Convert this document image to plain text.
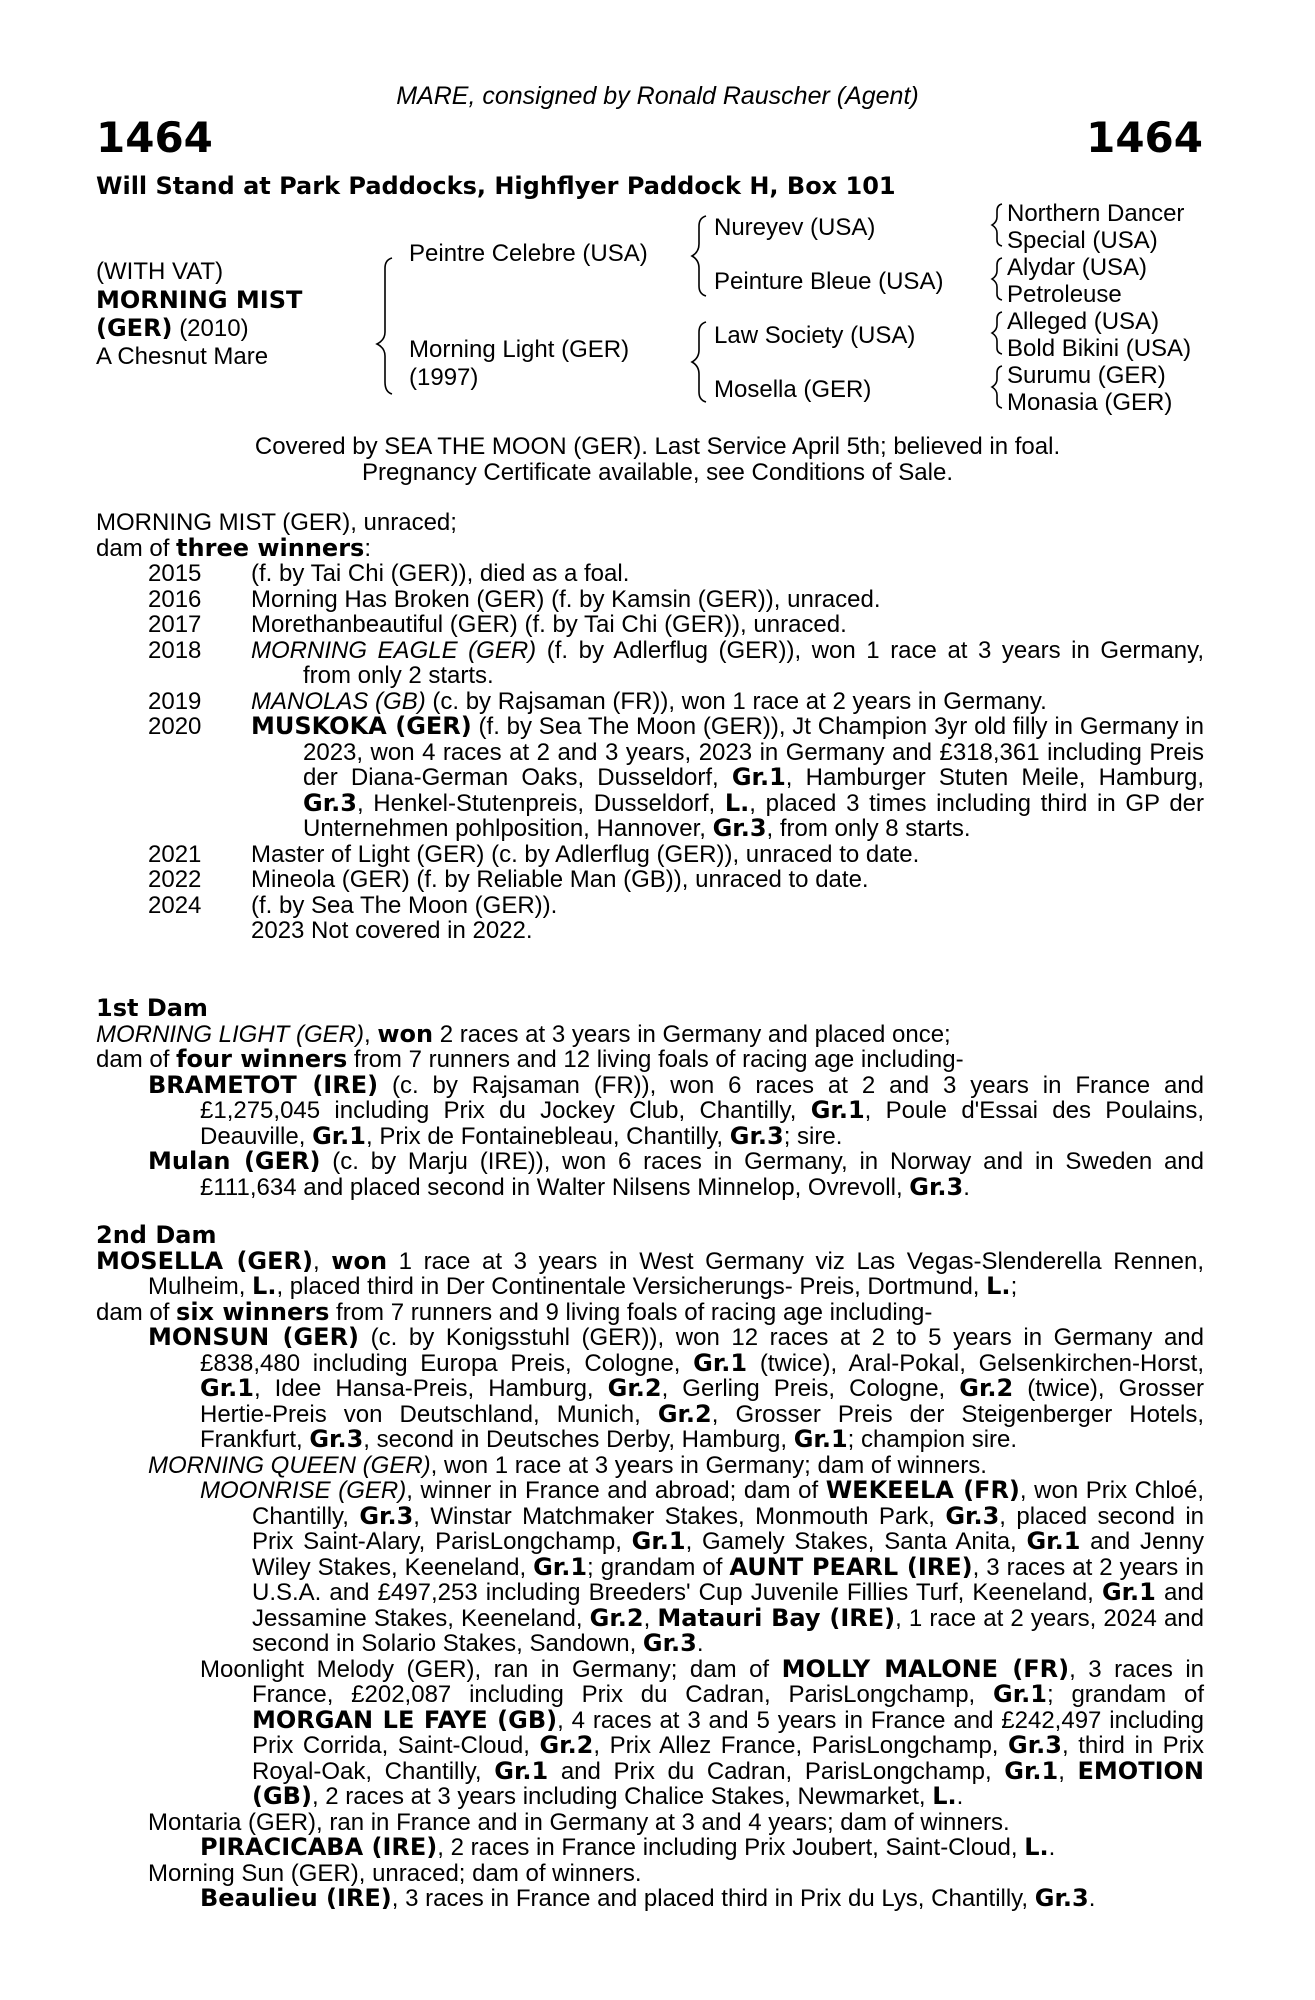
MARE, consigned by Ronald Rauscher (Agent)
1464	1464
Will Stand at Park Paddocks, Highflyer Paddock H, Box 101
(WITH VAT)
MORNING MIST
(GER) (2010)
A Chesnut Mare
Peintre Celebre (USA)
Morning Light (GER)
(1997)
Nureyev (USA)
Peinture Bleue (USA)
Law Society (USA)
Mosella (GER)
Northern Dancer
Special (USA)
Alydar (USA)
Petroleuse
Alleged (USA)
Bold Bikini (USA)
Surumu (GER)
Monasia (GER)
Covered by SEA THE MOON (GER). Last Service April 5th; believed in foal.
Pregnancy Certificate available, see Conditions of Sale.
MORNING MIST (GER), unraced;
dam of three winners:
2015	(f. by Tai Chi (GER)), died as a foal.
2016	Morning Has Broken (GER) (f. by Kamsin (GER)), unraced.
2017	Morethanbeautiful (GER) (f. by Tai Chi (GER)), unraced.
2018	MORNING EAGLE (GER) (f. by Adlerflug (GER)), won 1 race at 3 years in Germany, from only 2 starts.
2019	MANOLAS (GB) (c. by Rajsaman (FR)), won 1 race at 2 years in Germany.
2020	MUSKOKA (GER) (f. by Sea The Moon (GER)), Jt Champion 3yr old filly in Germany in 2023, won 4 races at 2 and 3 years, 2023 in Germany and £318,361 including Preis der Diana-German Oaks, Dusseldorf, Gr.1, Hamburger Stuten Meile, Hamburg, Gr.3, Henkel-Stutenpreis, Dusseldorf, L., placed 3 times including third in GP der Unternehmen pohlposition, Hannover, Gr.3, from only 8 starts.
2021	Master of Light (GER) (c. by Adlerflug (GER)), unraced to date.
2022	Mineola (GER) (f. by Reliable Man (GB)), unraced to date.
2024	(f. by Sea The Moon (GER)).
2023 Not covered in 2022.
1st Dam
MORNING LIGHT (GER), won 2 races at 3 years in Germany and placed once;
dam of four winners from 7 runners and 12 living foals of racing age including-
BRAMETOT (IRE) (c. by Rajsaman (FR)), won 6 races at 2 and 3 years in France and £1,275,045 including Prix du Jockey Club, Chantilly, Gr.1, Poule d'Essai des Poulains, Deauville, Gr.1, Prix de Fontainebleau, Chantilly, Gr.3; sire.
Mulan (GER) (c. by Marju (IRE)), won 6 races in Germany, in Norway and in Sweden and £111,634 and placed second in Walter Nilsens Minnelop, Ovrevoll, Gr.3.
2nd Dam
MOSELLA (GER), won 1 race at 3 years in West Germany viz Las Vegas-Slenderella Rennen, Mulheim, L., placed third in Der Continentale Versicherungs- Preis, Dortmund, L.;
dam of six winners from 7 runners and 9 living foals of racing age including-
MONSUN (GER) (c. by Konigsstuhl (GER)), won 12 races at 2 to 5 years in Germany and £838,480 including Europa Preis, Cologne, Gr.1 (twice), Aral-Pokal, Gelsenkirchen-Horst, Gr.1, Idee Hansa-Preis, Hamburg, Gr.2, Gerling Preis, Cologne, Gr.2 (twice), Grosser Hertie-Preis von Deutschland, Munich, Gr.2, Grosser Preis der Steigenberger Hotels, Frankfurt, Gr.3, second in Deutsches Derby, Hamburg, Gr.1; champion sire.
MORNING QUEEN (GER), won 1 race at 3 years in Germany; dam of winners.
MOONRISE (GER), winner in France and abroad; dam of WEKEELA (FR), won Prix Chloé, Chantilly, Gr.3, Winstar Matchmaker Stakes, Monmouth Park, Gr.3, placed second in Prix Saint-Alary, ParisLongchamp, Gr.1, Gamely Stakes, Santa Anita, Gr.1 and Jenny Wiley Stakes, Keeneland, Gr.1; grandam of AUNT PEARL (IRE), 3 races at 2 years in U.S.A. and £497,253 including Breeders' Cup Juvenile Fillies Turf, Keeneland, Gr.1 and Jessamine Stakes, Keeneland, Gr.2, Matauri Bay (IRE), 1 race at 2 years, 2024 and second in Solario Stakes, Sandown, Gr.3.
Moonlight Melody (GER), ran in Germany; dam of MOLLY MALONE (FR), 3 races in France, £202,087 including Prix du Cadran, ParisLongchamp, Gr.1; grandam of MORGAN LE FAYE (GB), 4 races at 3 and 5 years in France and £242,497 including Prix Corrida, Saint-Cloud, Gr.2, Prix Allez France, ParisLongchamp, Gr.3, third in Prix Royal-Oak, Chantilly, Gr.1 and Prix du Cadran, ParisLongchamp, Gr.1, EMOTION (GB), 2 races at 3 years including Chalice Stakes, Newmarket, L..
Montaria (GER), ran in France and in Germany at 3 and 4 years; dam of winners.
PIRACICABA (IRE), 2 races in France including Prix Joubert, Saint-Cloud, L..
Morning Sun (GER), unraced; dam of winners.
Beaulieu (IRE), 3 races in France and placed third in Prix du Lys, Chantilly, Gr.3.
